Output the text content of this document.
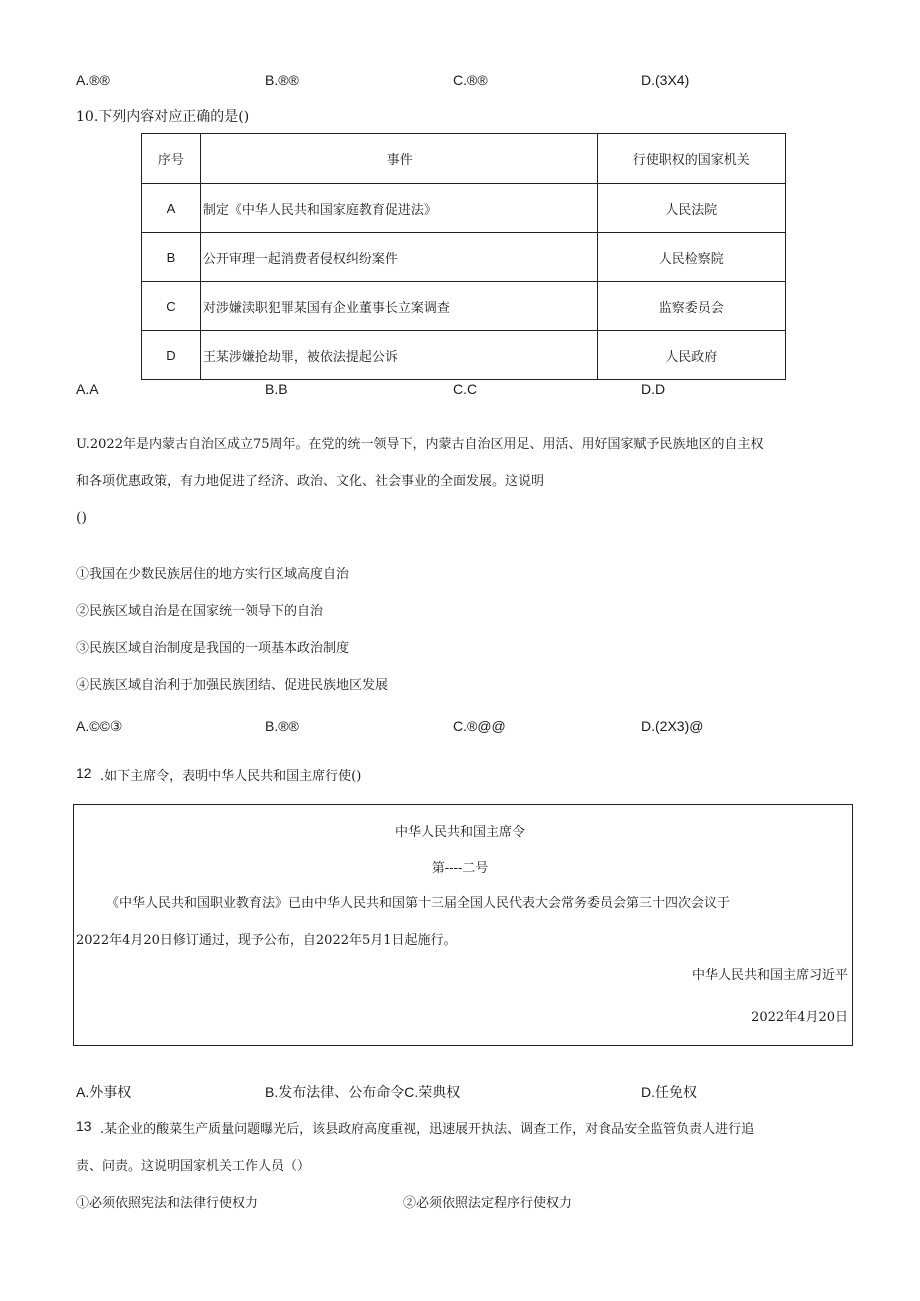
A.®®	B.®®	C.®®	D.(3X4)
10.下列内容对应正确的是()
序号	事件	行使职权的国家机关
A	制定《中华人民共和国家庭教育促进法》	人民法院
B	公开审理一起消费者侵权纠纷案件	人民检察院
C	对涉嫌渎职犯罪某国有企业董事长立案调查	监察委员会
D	王某涉嫌抢劫罪，被依法提起公诉	人民政府
A.A	B.B	C.C	D.D
U.2022年是内蒙古自治区成立75周年。在党的统一领导下，内蒙古自治区用足、用活、用好国家赋予民族地区的自主权
和各项优惠政策，有力地促进了经济、政治、文化、社会事业的全面发展。这说明
()
①我国在少数民族居住的地方实行区域高度自治
②民族区域自治是在国家统一领导下的自治
③民族区域自治制度是我国的一项基本政治制度
④民族区域自治利于加强民族团结、促进民族地区发展
A.©©③	B.®®	C.®@@	D.(2X3)@
12 .如下主席令，表明中华人民共和国主席行使()
中华人民共和国主席令
第----二号
《中华人民共和国职业教育法》已由中华人民共和国第十三届全国人民代表大会常务委员会第三十四次会议于
2022年4月20日修订通过，现予公布，自2022年5月1日起施行。
中华人民共和国主席习近平
2022年4月20日
A.外事权	B.发布法律、公布命令C.荣典权	D.任免权
13 .某企业的酸菜生产质量问题曝光后，该县政府高度重视，迅速展开执法、调查工作，对食品安全监管负责人进行追
责、问责。这说明国家机关工作人员（）
①必须依照宪法和法律行使权力	②必须依照法定程序行使权力
